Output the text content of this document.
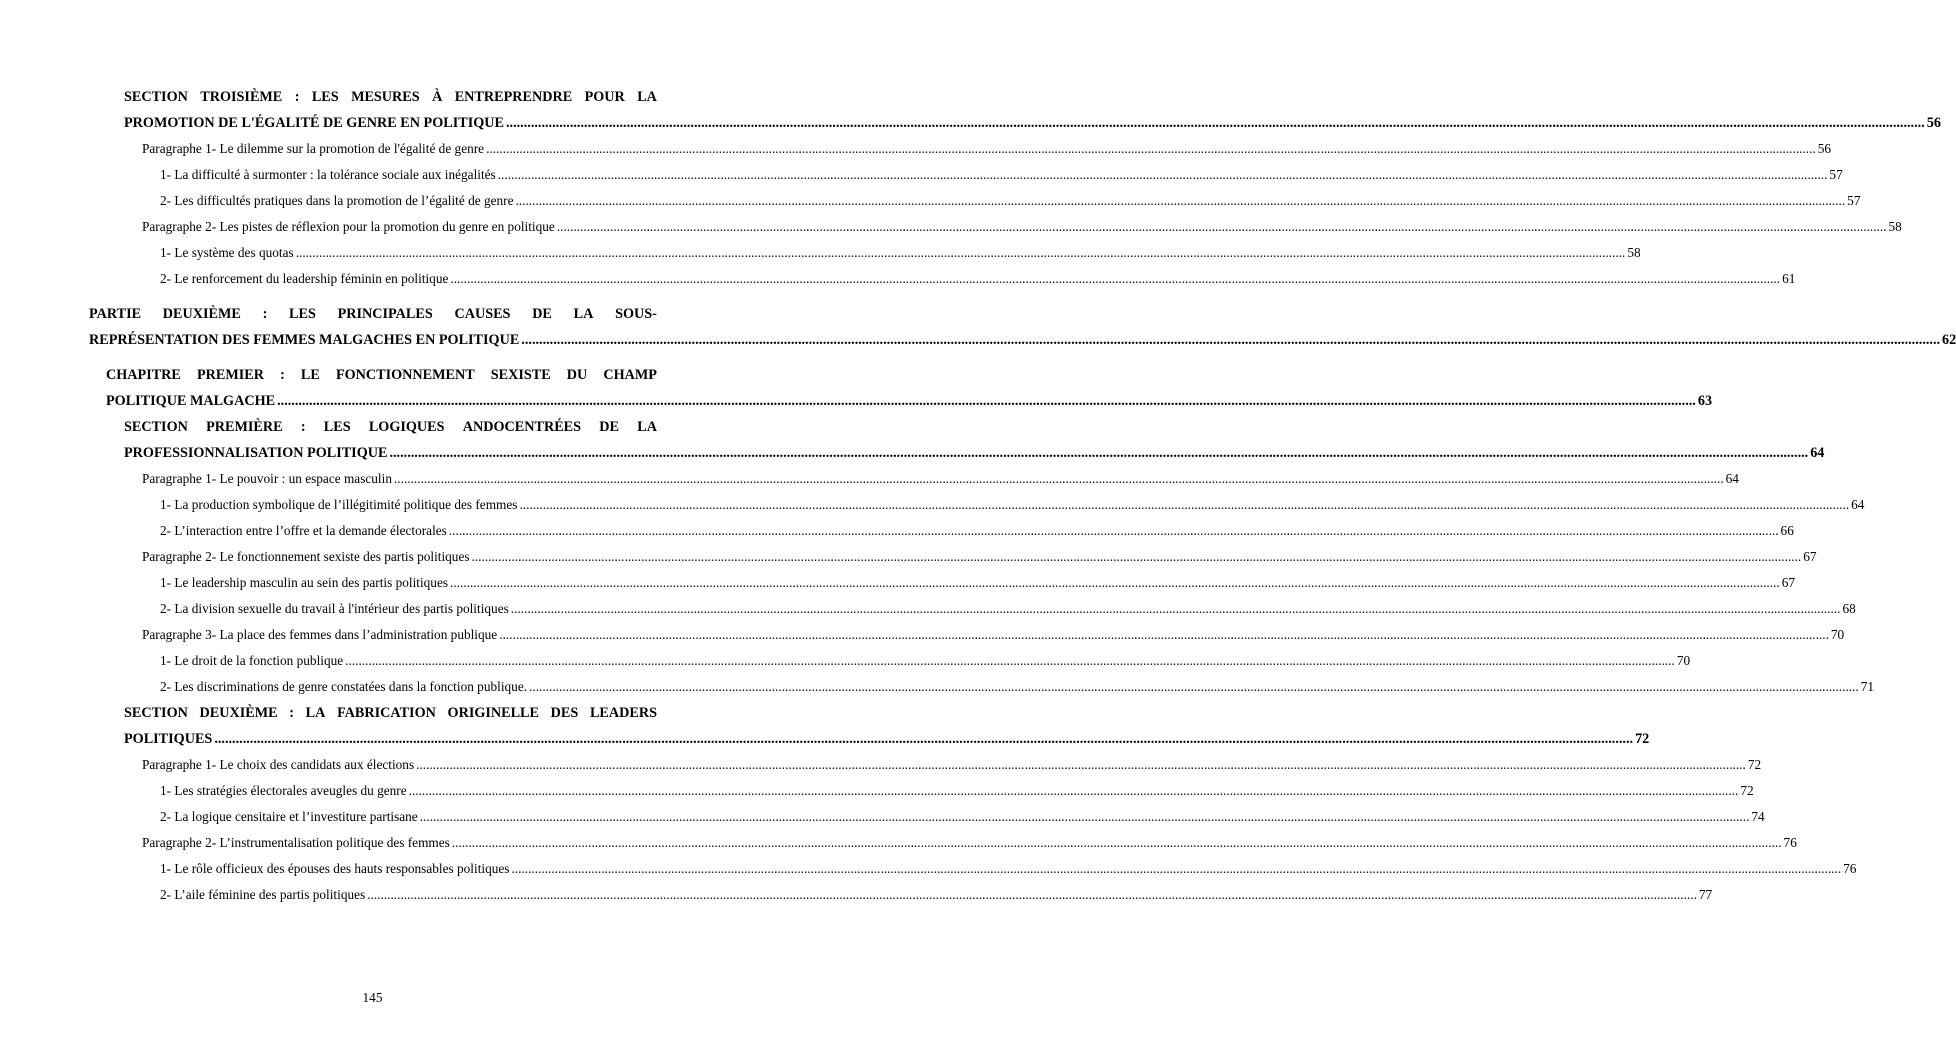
SECTION TROISIÈME : LES MESURES À ENTREPRENDRE POUR LA
PROMOTION DE L'ÉGALITÉ DE GENRE EN POLITIQUE ................................................................................................................................................................................................................................................................................................................................................................................................................ 56
Paragraphe 1- Le dilemme sur la promotion de l'égalité de genre ................................................................................................................................................................................................................................................................................................................................................................................................................ 56
1- La difficulté à surmonter : la tolérance sociale aux inégalités ................................................................................................................................................................................................................................................................................................................................................................................................................ 57
2- Les difficultés pratiques dans la promotion de l’égalité de genre ................................................................................................................................................................................................................................................................................................................................................................................................................ 57
Paragraphe 2- Les pistes de réflexion pour la promotion du genre en politique ................................................................................................................................................................................................................................................................................................................................................................................................................ 58
1- Le système des quotas ................................................................................................................................................................................................................................................................................................................................................................................................................ 58
2- Le renforcement du leadership féminin en politique ................................................................................................................................................................................................................................................................................................................................................................................................................ 61
PARTIE DEUXIÈME : LES PRINCIPALES CAUSES DE LA SOUS-
REPRÉSENTATION DES FEMMES MALGACHES EN POLITIQUE ................................................................................................................................................................................................................................................................................................................................................................................................................ 62
CHAPITRE PREMIER : LE FONCTIONNEMENT SEXISTE DU CHAMP
POLITIQUE MALGACHE ................................................................................................................................................................................................................................................................................................................................................................................................................ 63
SECTION PREMIÈRE : LES LOGIQUES ANDOCENTRÉES DE LA
PROFESSIONNALISATION POLITIQUE ................................................................................................................................................................................................................................................................................................................................................................................................................ 64
Paragraphe 1- Le pouvoir : un espace masculin ................................................................................................................................................................................................................................................................................................................................................................................................................ 64
1- La production symbolique de l’illégitimité politique des femmes ................................................................................................................................................................................................................................................................................................................................................................................................................ 64
2- L’interaction entre l’offre et la demande électorales ................................................................................................................................................................................................................................................................................................................................................................................................................ 66
Paragraphe 2- Le fonctionnement sexiste des partis politiques ................................................................................................................................................................................................................................................................................................................................................................................................................ 67
1- Le leadership masculin au sein des partis politiques ................................................................................................................................................................................................................................................................................................................................................................................................................ 67
2- La division sexuelle du travail à l'intérieur des partis politiques ................................................................................................................................................................................................................................................................................................................................................................................................................ 68
Paragraphe 3- La place des femmes dans l’administration publique ................................................................................................................................................................................................................................................................................................................................................................................................................ 70
1- Le droit de la fonction publique ................................................................................................................................................................................................................................................................................................................................................................................................................ 70
2- Les discriminations de genre constatées dans la fonction publique. ................................................................................................................................................................................................................................................................................................................................................................................................................ 71
SECTION DEUXIÈME : LA FABRICATION ORIGINELLE DES LEADERS
POLITIQUES ................................................................................................................................................................................................................................................................................................................................................................................................................ 72
Paragraphe 1- Le choix des candidats aux élections ................................................................................................................................................................................................................................................................................................................................................................................................................ 72
1- Les stratégies électorales aveugles du genre ................................................................................................................................................................................................................................................................................................................................................................................................................ 72
2- La logique censitaire et l’investiture partisane ................................................................................................................................................................................................................................................................................................................................................................................................................ 74
Paragraphe 2- L’instrumentalisation politique des femmes ................................................................................................................................................................................................................................................................................................................................................................................................................ 76
1- Le rôle officieux des épouses des hauts responsables politiques ................................................................................................................................................................................................................................................................................................................................................................................................................ 76
2- L’aile féminine des partis politiques ................................................................................................................................................................................................................................................................................................................................................................................................................ 77
145
